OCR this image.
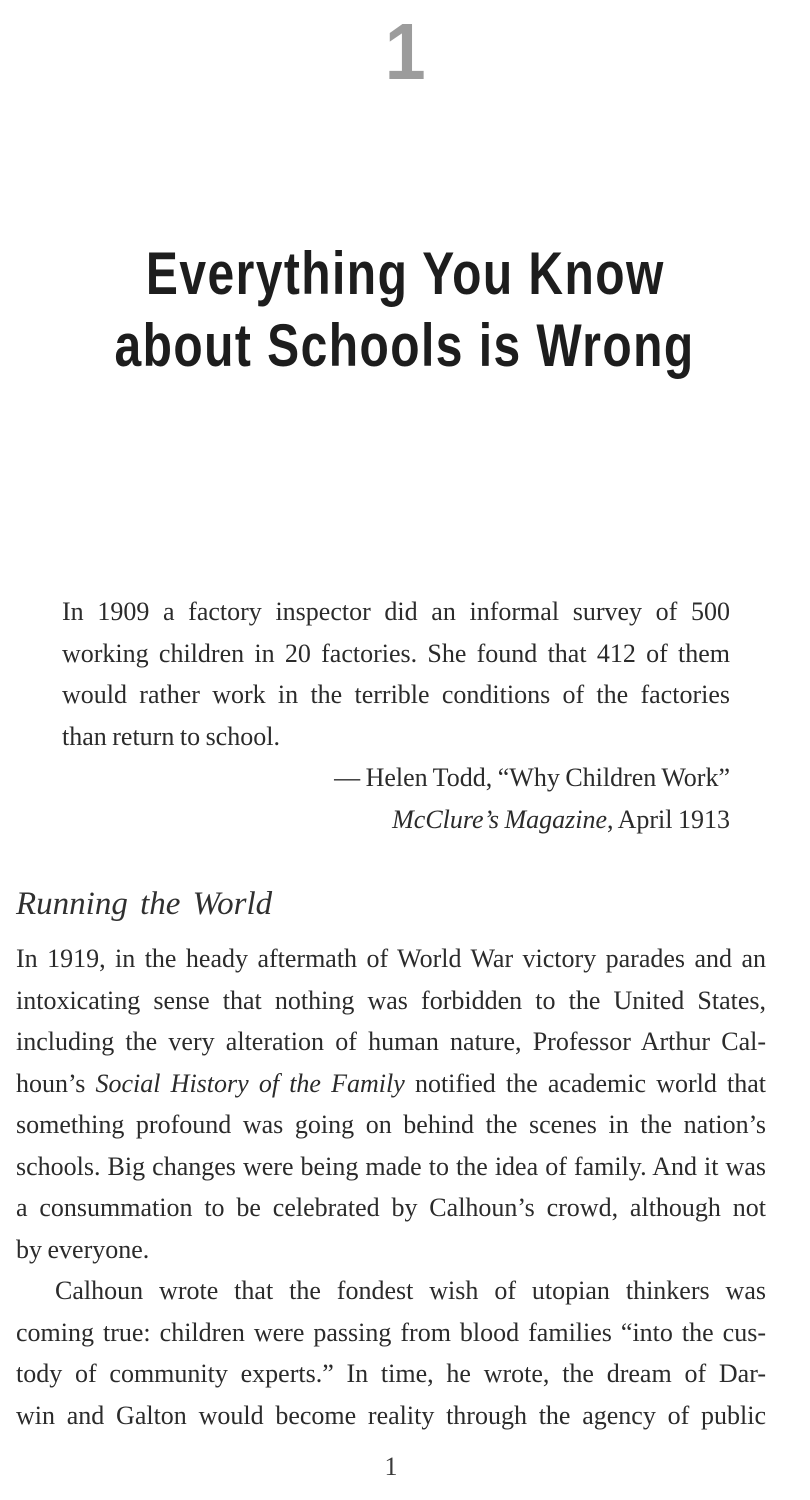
1
Everything You Know
about Schools is Wrong
In 1909 a factory inspector did an informal survey of 500
working children in 20 factories. She found that 412 of them
would rather work in the terrible conditions of the factories
than return to school.
— Helen Todd, “Why Children Work”
McClure’s Magazine, April 1913
Running the World
In 1919, in the heady aftermath of World War victory parades and an
intoxicating sense that nothing was forbidden to the United States,
including the very alteration of human nature, Professor Arthur Cal-
houn’s Social History of the Family notified the academic world that
something profound was going on behind the scenes in the nation’s
schools. Big changes were being made to the idea of family. And it was
a consummation to be celebrated by Calhoun’s crowd, although not
by everyone.
Calhoun wrote that the fondest wish of utopian thinkers was
coming true: children were passing from blood families “into the cus-
tody of community experts.” In time, he wrote, the dream of Dar-
win and Galton would become reality through the agency of public
1
